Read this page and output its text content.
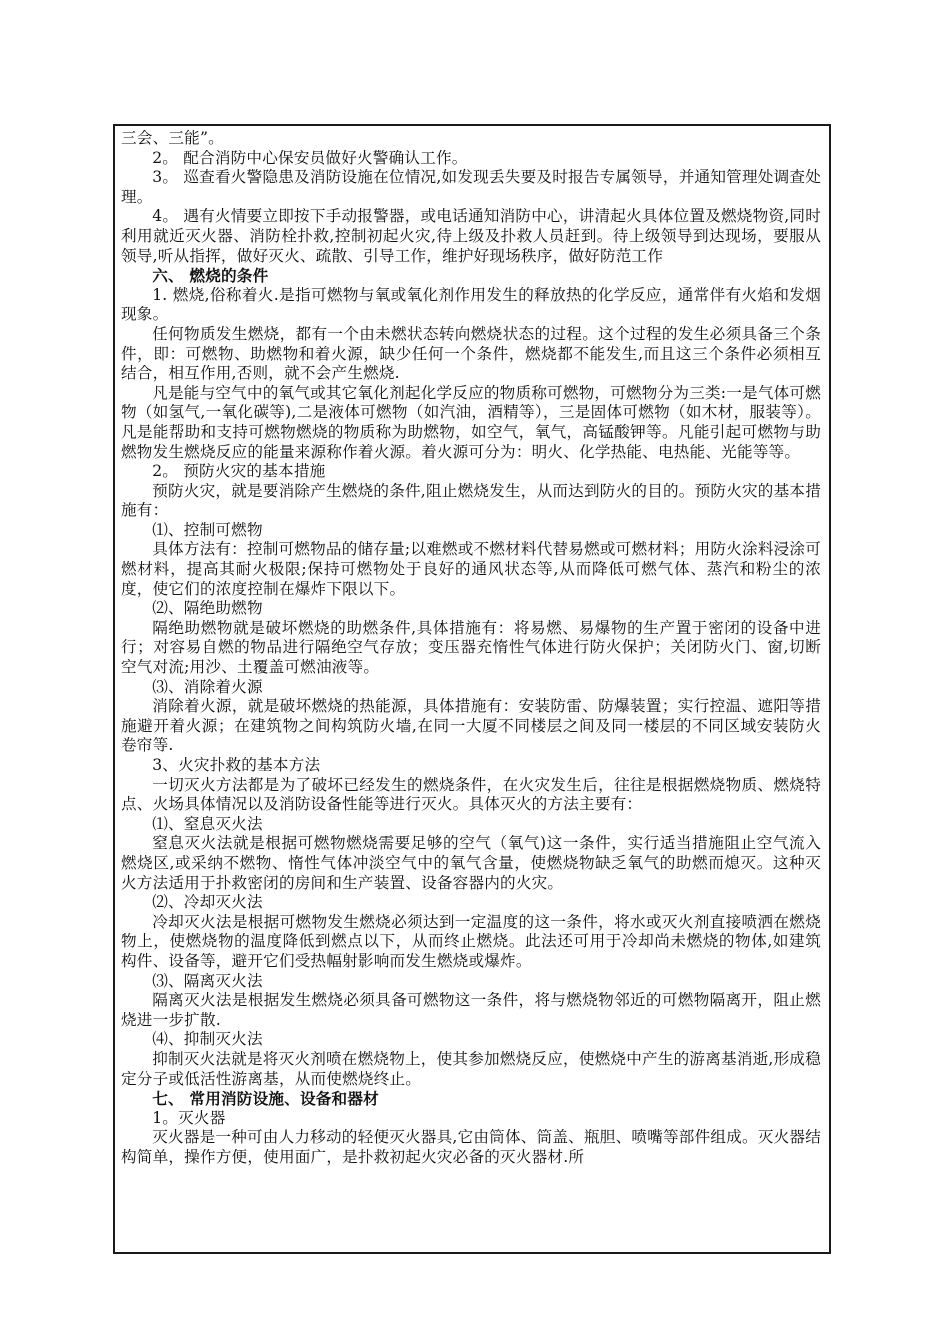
三会、三能”。

2。 配合消防中心保安员做好火警确认工作。

3。 巡查看火警隐患及消防设施在位情况,如发现丢失要及时报告专属领导，并通知管理处调查处理。

4。 遇有火情要立即按下手动报警器，或电话通知消防中心，讲清起火具体位置及燃烧物资,同时利用就近灭火器、消防栓扑救,控制初起火灾,待上级及扑救人员赶到。待上级领导到达现场，要服从领导,听从指挥，做好灭火、疏散、引导工作，维护好现场秩序，做好防范工作

六、 燃烧的条件

1. 燃烧,俗称着火.是指可燃物与氧或氧化剂作用发生的释放热的化学反应，通常伴有火焰和发烟现象。

任何物质发生燃烧，都有一个由未燃状态转向燃烧状态的过程。这个过程的发生必须具备三个条件，即：可燃物、助燃物和着火源，缺少任何一个条件，燃烧都不能发生,而且这三个条件必须相互结合，相互作用,否则，就不会产生燃烧.

凡是能与空气中的氧气或其它氧化剂起化学反应的物质称可燃物，可燃物分为三类:一是气体可燃物（如氢气,一氧化碳等),二是液体可燃物（如汽油，酒精等），三是固体可燃物（如木材，服装等）。凡是能帮助和支持可燃物燃烧的物质称为助燃物，如空气，氧气，高锰酸钾等。凡能引起可燃物与助燃物发生燃烧反应的能量来源称作着火源。着火源可分为：明火、化学热能、电热能、光能等等。

2。 预防火灾的基本措施

预防火灾，就是要消除产生燃烧的条件,阻止燃烧发生，从而达到防火的目的。预防火灾的基本措施有：

⑴、控制可燃物

具体方法有：控制可燃物品的储存量;以难燃或不燃材料代替易燃或可燃材料；用防火涂料浸涂可燃材料，提高其耐火极限;保持可燃物处于良好的通风状态等,从而降低可燃气体、蒸汽和粉尘的浓度，使它们的浓度控制在爆炸下限以下。

⑵、隔绝助燃物

隔绝助燃物就是破坏燃烧的助燃条件,具体措施有：将易燃、易爆物的生产置于密闭的设备中进行；对容易自燃的物品进行隔绝空气存放；变压器充惰性气体进行防火保护；关闭防火门、窗,切断空气对流;用沙、土覆盖可燃油液等。

⑶、消除着火源

消除着火源，就是破坏燃烧的热能源，具体措施有：安装防雷、防爆装置；实行控温、遮阳等措施避开着火源；在建筑物之间构筑防火墙,在同一大厦不同楼层之间及同一楼层的不同区域安装防火卷帘等.

3、火灾扑救的基本方法

一切灭火方法都是为了破坏已经发生的燃烧条件，在火灾发生后，往往是根据燃烧物质、燃烧特点、火场具体情况以及消防设备性能等进行灭火。具体灭火的方法主要有：

⑴、窒息灭火法

窒息灭火法就是根据可燃物燃烧需要足够的空气（氧气)这一条件，实行适当措施阻止空气流入燃烧区,或采纳不燃物、惰性气体冲淡空气中的氧气含量，使燃烧物缺乏氧气的助燃而熄灭。这种灭火方法适用于扑救密闭的房间和生产装置、设备容器内的火灾。

⑵、冷却灭火法

冷却灭火法是根据可燃物发生燃烧必须达到一定温度的这一条件，将水或灭火剂直接喷洒在燃烧物上，使燃烧物的温度降低到燃点以下，从而终止燃烧。此法还可用于冷却尚未燃烧的物体,如建筑构件、设备等，避开它们受热幅射影响而发生燃烧或爆炸。

⑶、隔离灭火法

隔离灭火法是根据发生燃烧必须具备可燃物这一条件，将与燃烧物邻近的可燃物隔离开，阻止燃烧进一步扩散.

⑷、抑制灭火法

抑制灭火法就是将灭火剂喷在燃烧物上，使其参加燃烧反应，使燃烧中产生的游离基消逝,形成稳定分子或低活性游离基，从而使燃烧终止。

七、 常用消防设施、设备和器材

1。灭火器

灭火器是一种可由人力移动的轻便灭火器具,它由筒体、筒盖、瓶胆、喷嘴等部件组成。灭火器结构简单，操作方便，使用面广，是扑救初起火灾必备的灭火器材.所
